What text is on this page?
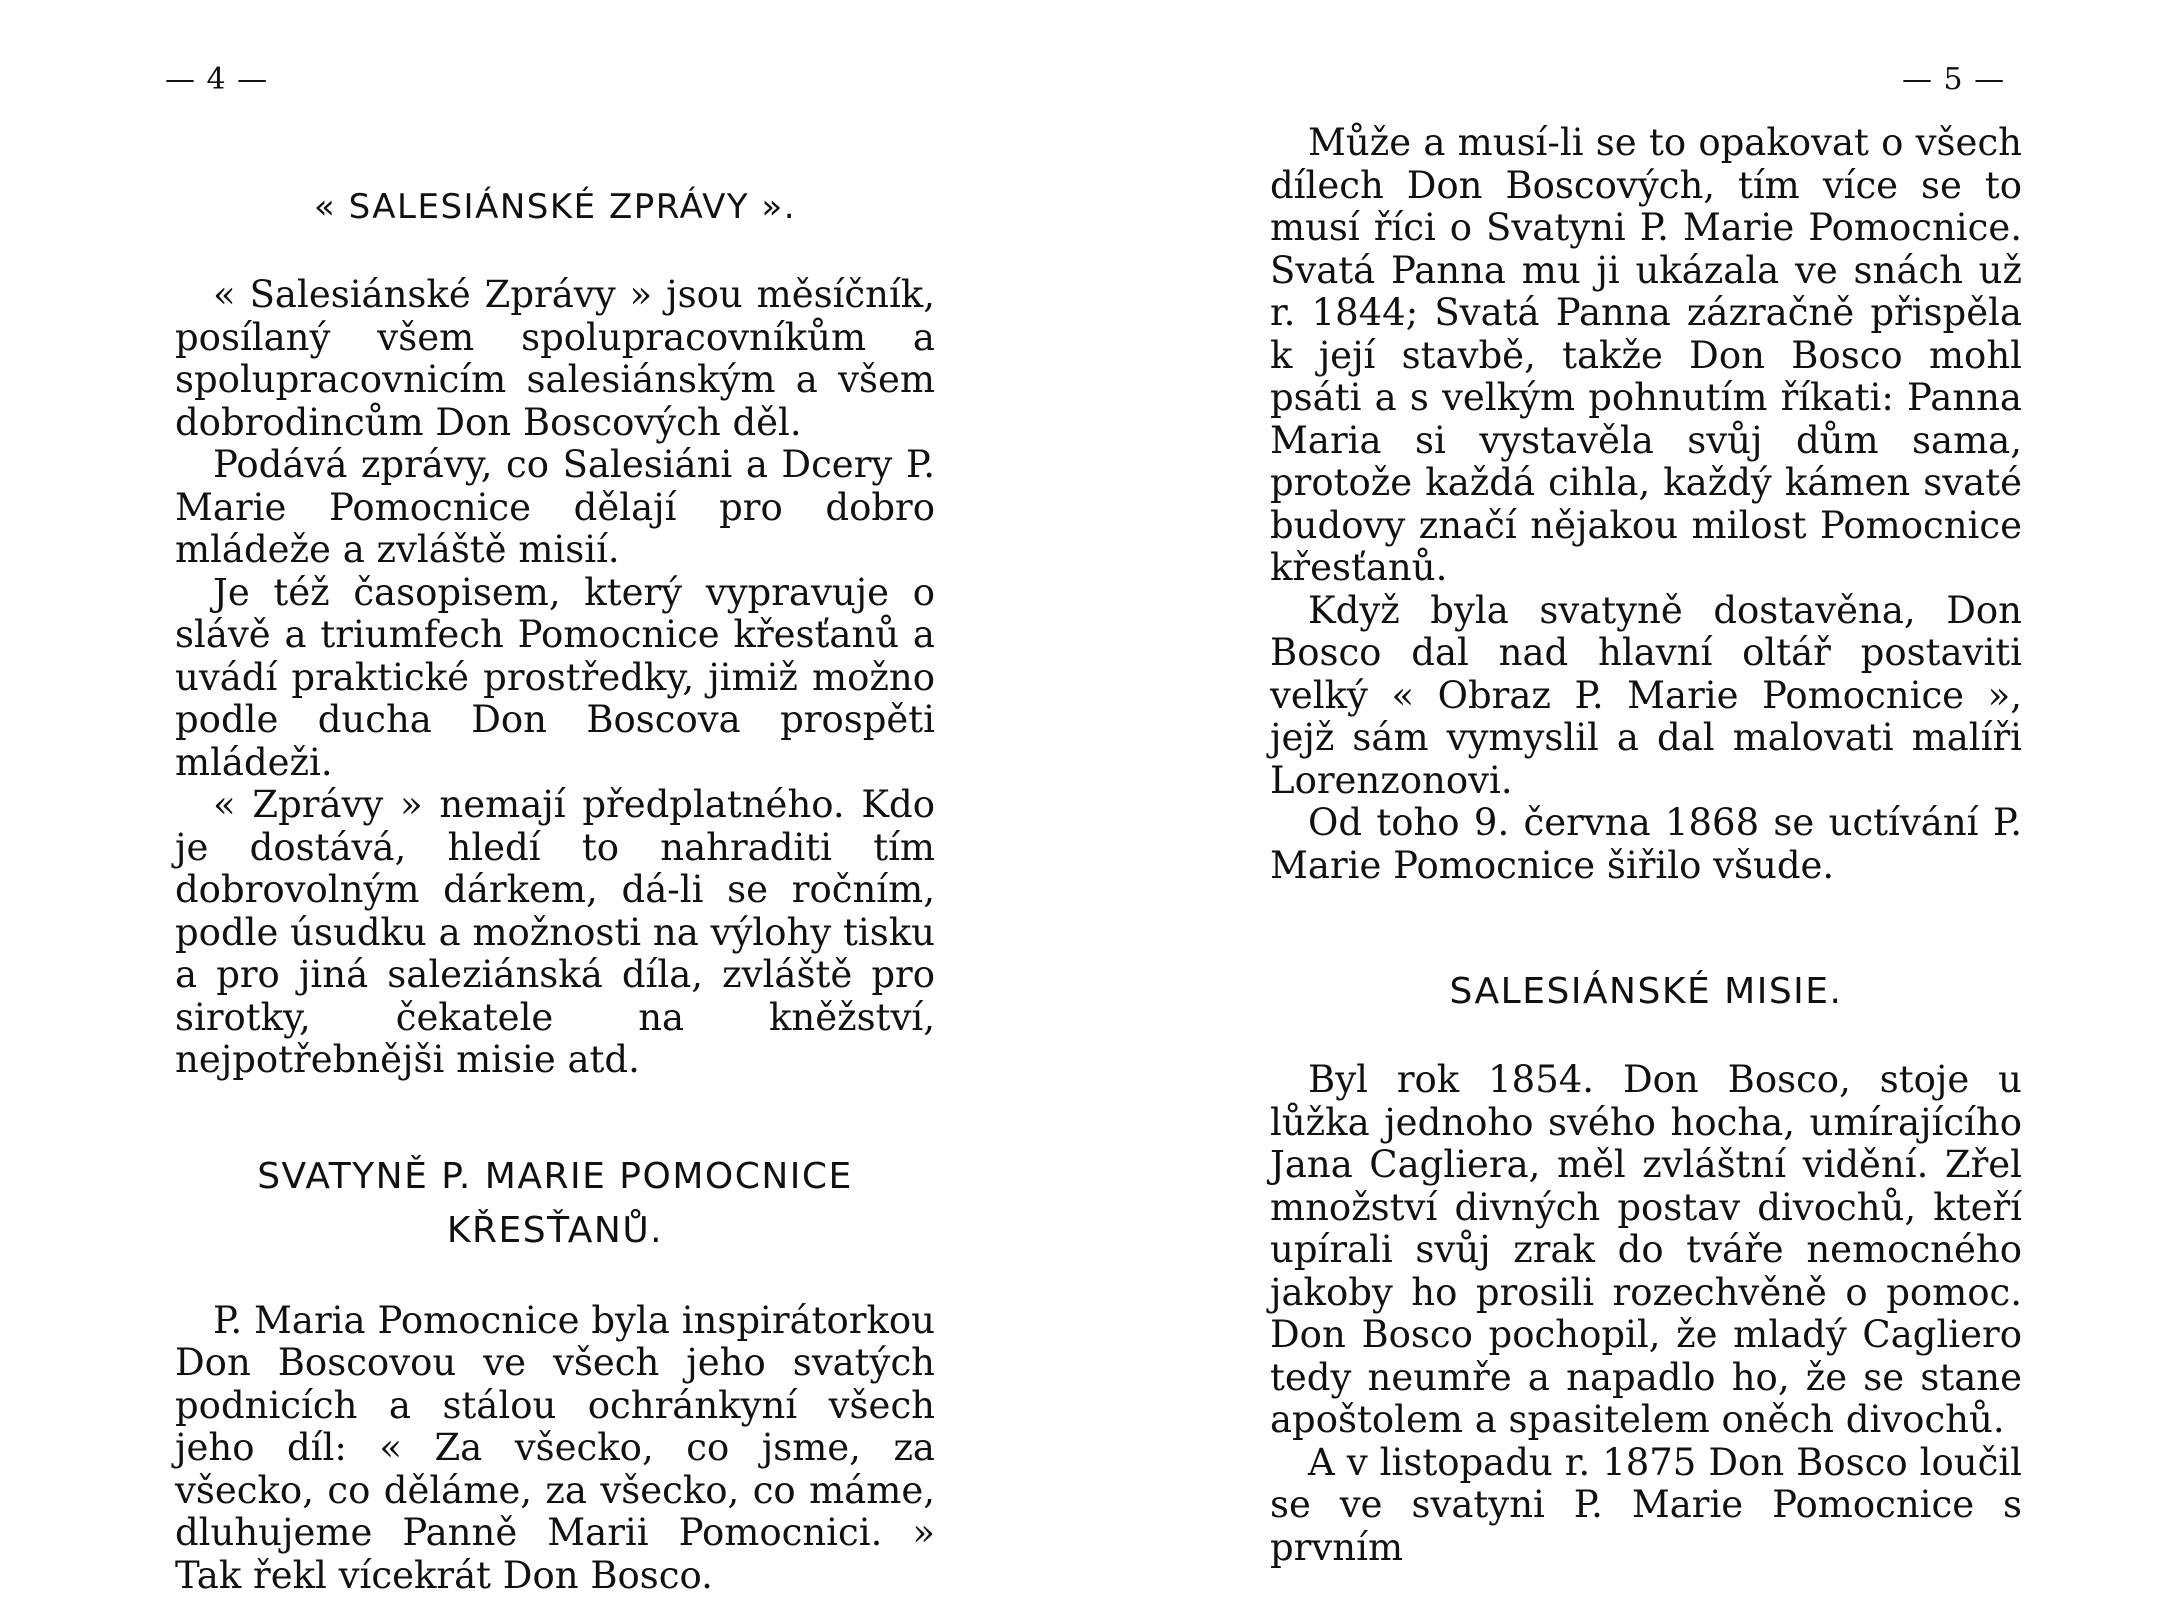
— 4 —
« SALESIÁNSKÉ ZPRÁVY ».

« Salesiánské Zprávy » jsou měsíčník, posílaný všem spolupracovníkům a spolupracovnicím salesiánským a všem dobrodincům Don Boscových děl.

Podává zprávy, co Salesiáni a Dcery P. Marie Pomocnice dělají pro dobro mládeže a zvláště misií.

Je též časopisem, který vypravuje o slávě a triumfech Pomocnice křesťanů a uvádí praktické prostředky, jimiž možno podle ducha Don Boscova prospěti mládeži.

« Zprávy » nemají předplatného. Kdo je dostává, hledí to nahraditi tím dobrovolným dárkem, dá-li se ročním, podle úsudku a možnosti na výlohy tisku a pro jiná saleziánská díla, zvláště pro sirotky, čekatele na kněžství, nejpotřebnějši misie atd.

SVATYNĚ P. MARIE POMOCNICE KŘESŤANŮ.

P. Maria Pomocnice byla inspirátorkou Don Boscovou ve všech jeho svatých podnicích a stálou ochránkyní všech jeho díl: « Za všecko, co jsme, za všecko, co děláme, za všecko, co máme, dluhujeme Panně Marii Pomocnici. » Tak řekl vícekrát Don Bosco.

— 5 —

Může a musí-li se to opakovat o všech dílech Don Boscových, tím více se to musí říci o Svatyni P. Marie Pomocnice. Svatá Panna mu ji ukázala ve snách už r. 1844; Svatá Panna zázračně přispěla k její stavbě, takže Don Bosco mohl psáti a s velkým pohnutím říkati: Panna Maria si vystavěla svůj dům sama, protože každá cihla, každý kámen svaté budovy značí nějakou milost Pomocnice křesťanů.

Když byla svatyně dostavěna, Don Bosco dal nad hlavní oltář postaviti velký « Obraz P. Marie Pomocnice », jejž sám vymyslil a dal malovati malíři Lorenzonovi.

Od toho 9. června 1868 se uctívání P. Marie Pomocnice šiřilo všude.

SALESIÁNSKÉ MISIE.

Byl rok 1854. Don Bosco, stoje u lůžka jednoho svého hocha, umírajícího Jana Cagliera, měl zvláštní vidění. Zřel množství divných postav divochů, kteří upírali svůj zrak do tváře nemocného jakoby ho prosili rozechvěně o pomoc. Don Bosco pochopil, že mladý Cagliero tedy neumře a napadlo ho, že se stane apoštolem a spasitelem oněch divochů.

A v listopadu r. 1875 Don Bosco loučil se ve svatyni P. Marie Pomocnice s prvním
